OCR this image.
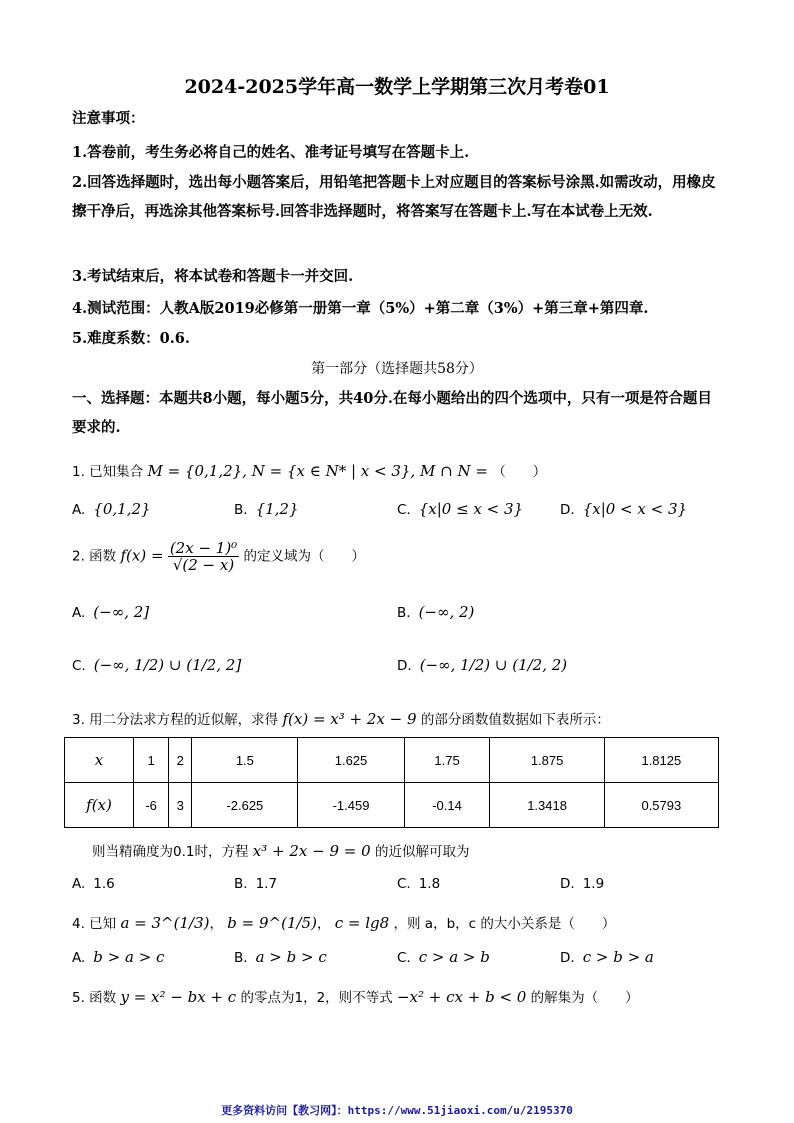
2024-2025学年高一数学上学期第三次月考卷01
注意事项：
1.答卷前，考生务必将自己的姓名、准考证号填写在答题卡上.
2.回答选择题时，选出每小题答案后，用铅笔把答题卡上对应题目的答案标号涂黑.如需改动，用橡皮擦干净后，再选涂其他答案标号.回答非选择题时，将答案写在答题卡上.写在本试卷上无效.
3.考试结束后，将本试卷和答题卡一并交回.
4.测试范围：人教A版2019必修第一册第一章（5%）+第二章（3%）+第三章+第四章.
5.难度系数：0.6.
第一部分（选择题共58分）
一、选择题：本题共8小题，每小题5分，共40分.在每小题给出的四个选项中，只有一项是符合题目要求的.
1. 已知集合 M = {0,1,2}, N = {x ∈ N* | x < 3}, M ∩ N = （　　）
A. {0,1,2}	B. {1,2}	C. {x|0 ≤ x < 3}	D. {x|0 < x < 3}
2. 函数 $f(x) = \frac{\text{(2x − 1)⁰}}{√(2 - x)}$ 的定义域为（　　）
A. (−∞, 2]	B. (−∞, 2)
C. (−∞, 1/2) ∪ (1/2, 2]	D. (−∞, 1/2) ∪ (1/2, 2)
3. 用二分法求方程的近似解，求得 f(x) = x³ + 2x − 9 的部分函数值数据如下表所示：
x	1	2	1.5	1.625	1.75	1.875	1.8125
f(x)	-6	3	-2.625	-1.459	-0.14	1.3418	0.5793
则当精确度为0.1时，方程 x³ + 2x − 9 = 0 的近似解可取为
A. 1.6	B. 1.7	C. 1.8	D. 1.9
4. 已知 a = 3^(1/3)， b = 9^(1/5)， c = lg8 ，则 a，b，c 的大小关系是（　　）
A. b > a > c	B. a > b > c	C. c > a > b	D. c > b > a
5. 函数 y = x² − bx + c 的零点为1，2，则不等式 −x² + cx + b < 0 的解集为（　　）
更多资料访问【教习网】：https://www.51jiaoxi.com/u/2195370
